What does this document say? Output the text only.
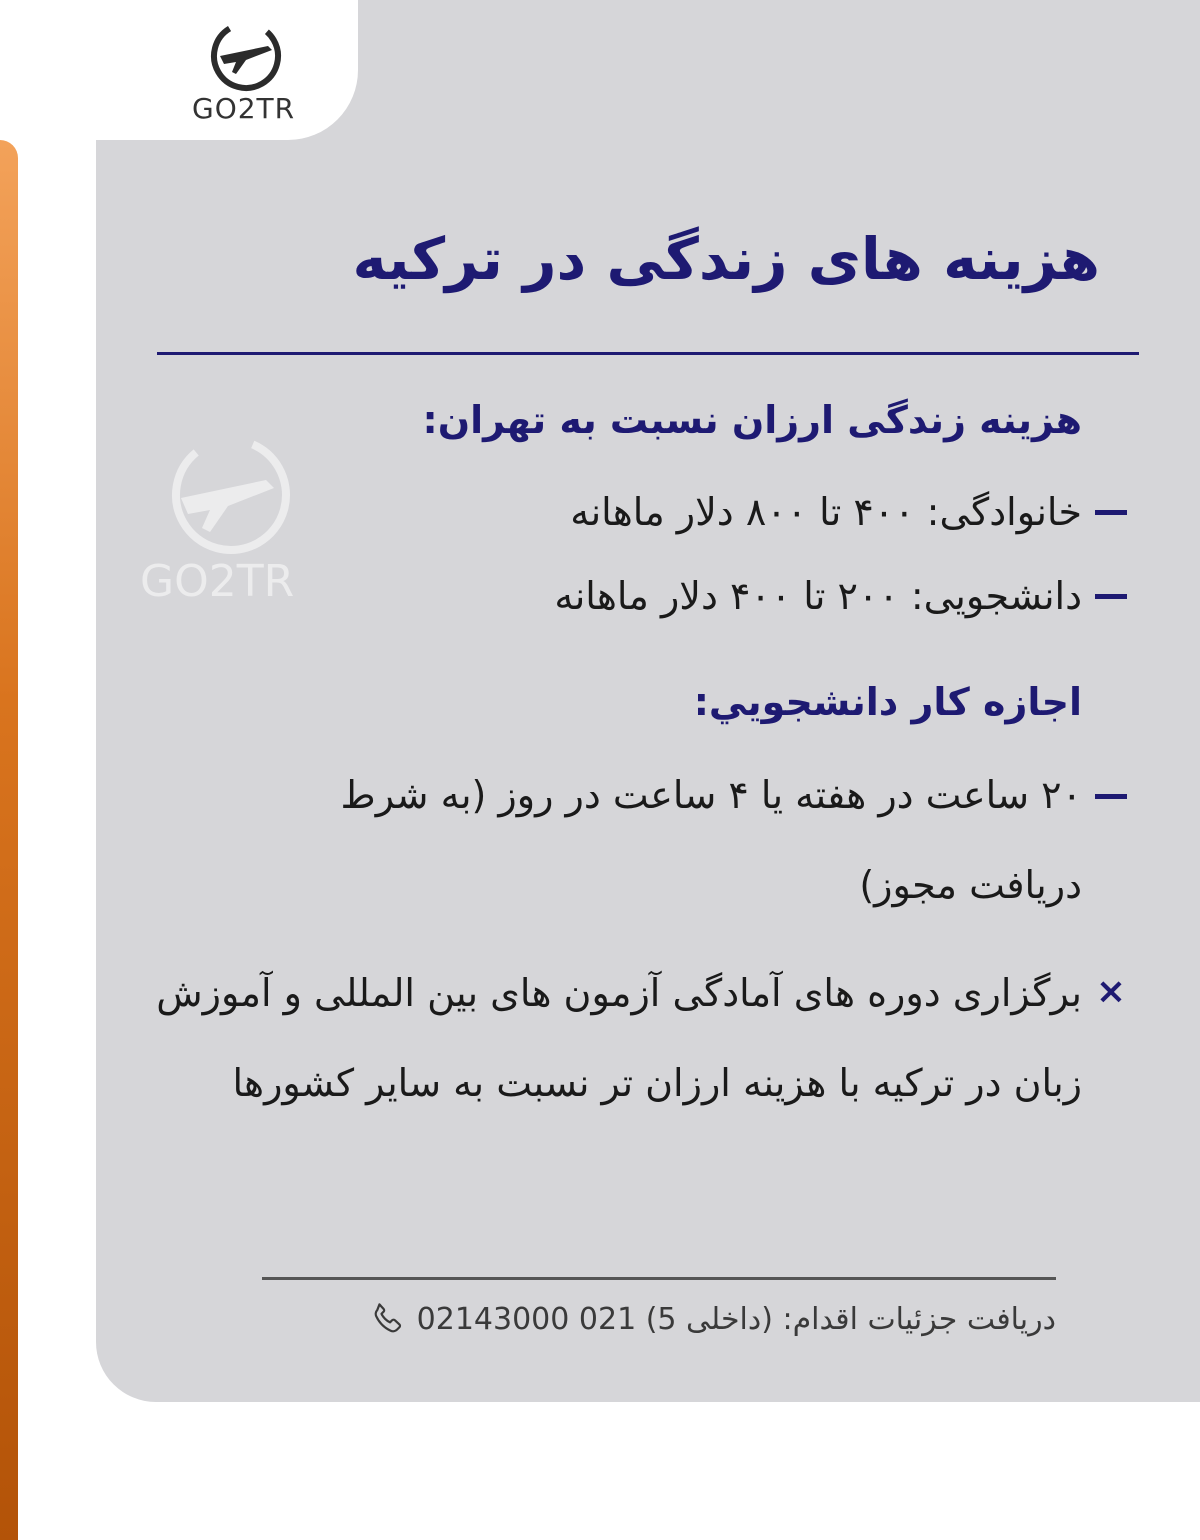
GO2TR
GO2TR
هزینه های زندگی در ترکیه
هزینه زندگی ارزان نسبت به تهران:
خانوادگی: ۴۰۰ تا ۸۰۰ دلار ماهانه
دانشجویی: ۲۰۰ تا ۴۰۰ دلار ماهانه
اجازه کار دانشجویي:
۲۰ ساعت در هفته یا ۴ ساعت در روز (به شرط دریافت مجوز)
×
برگزاری دوره های آمادگی آزمون های بین المللی و آموزش زبان در ترکیه با هزینه ارزان تر نسبت به سایر کشورها
دریافت جزئیات اقدام: (داخلی 5) 021 02143000
